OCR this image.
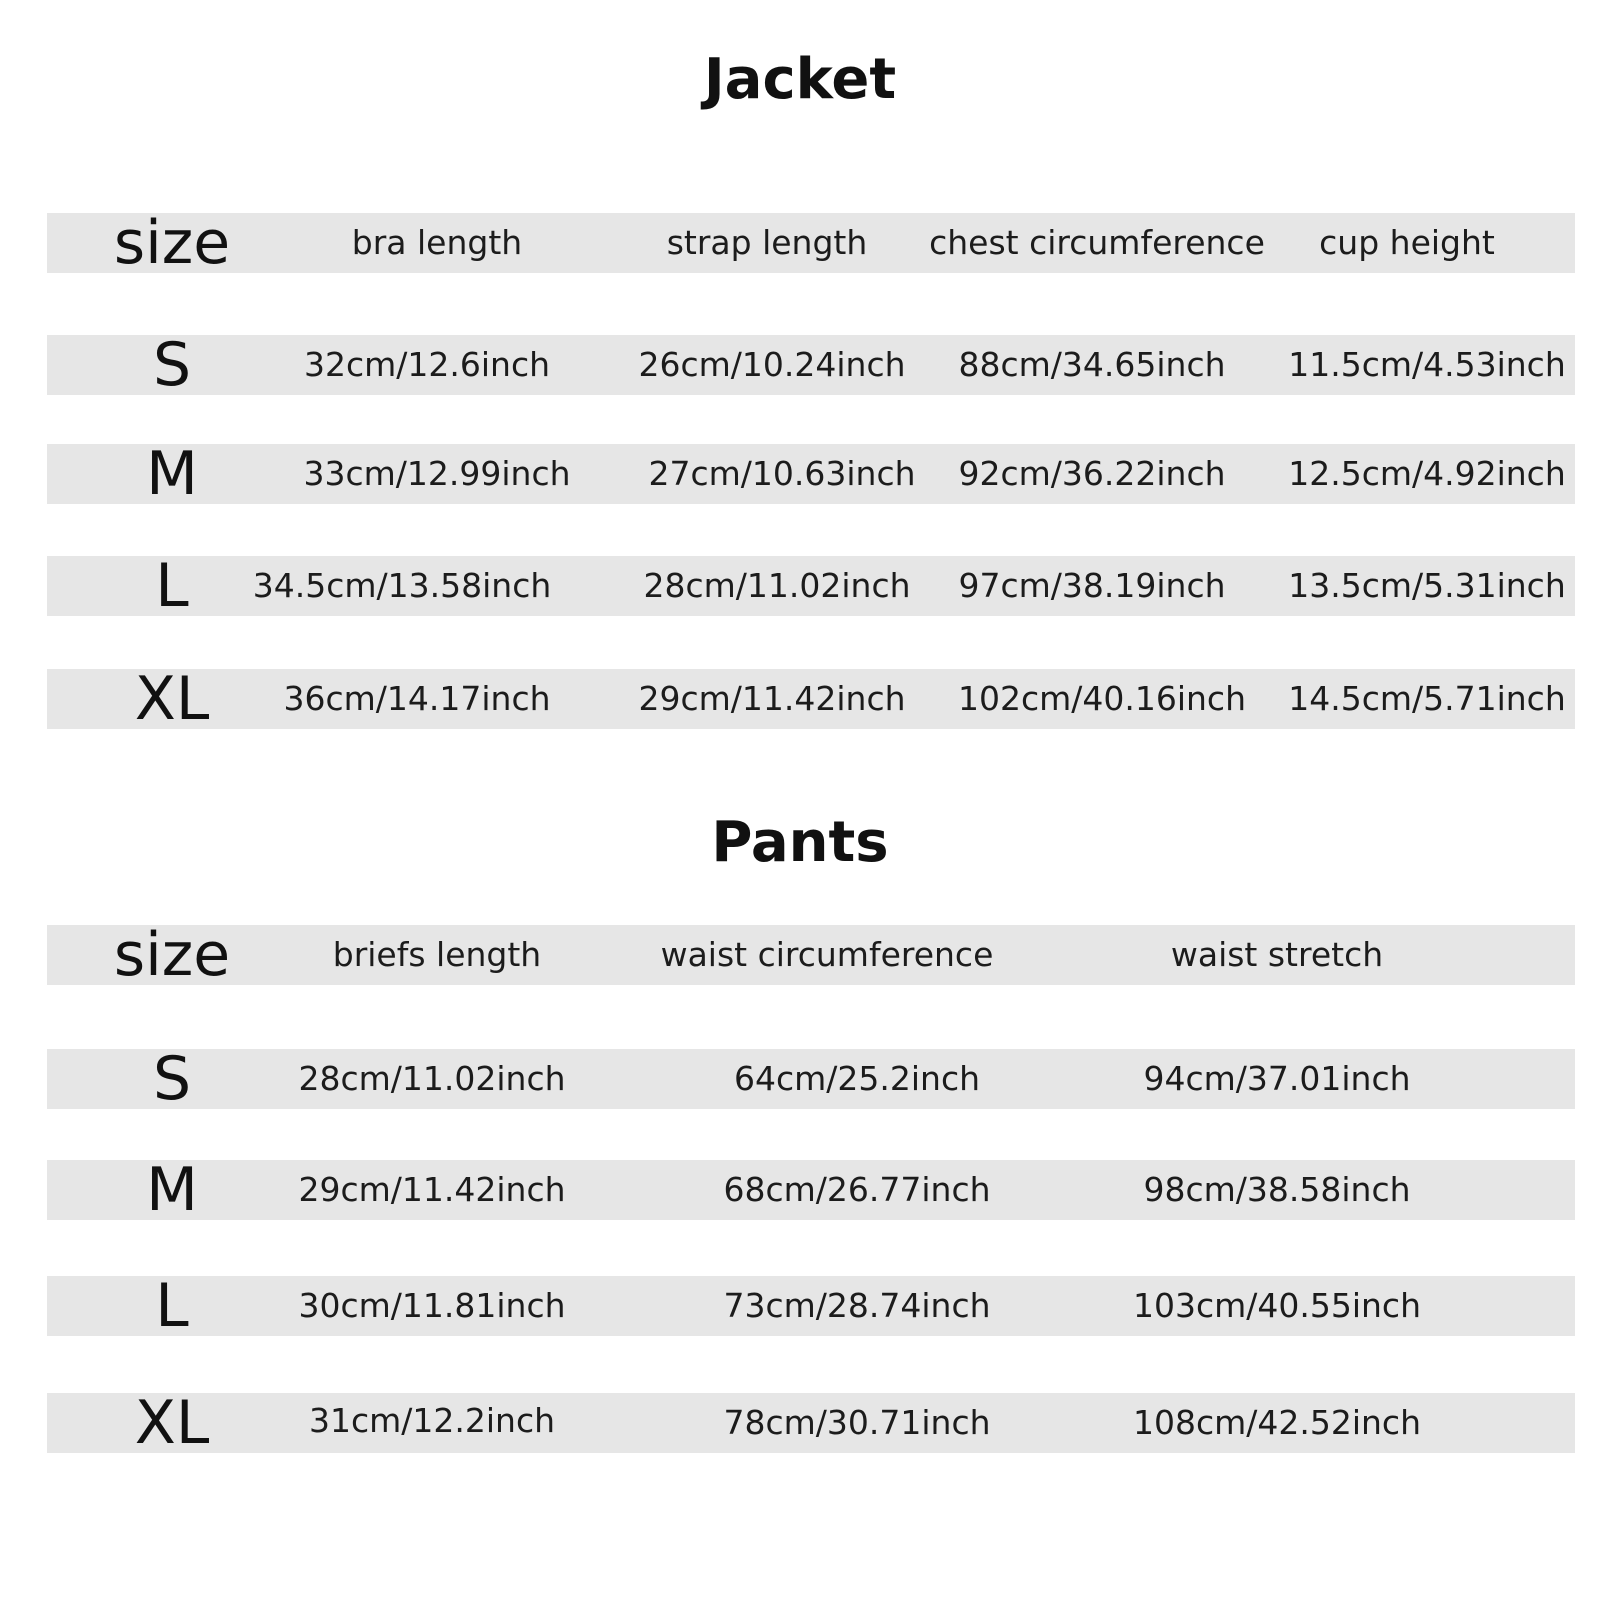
Jacket
size	bra length	strap length	chest circumference	cup height
S	32cm/12.6inch	26cm/10.24inch	88cm/34.65inch	11.5cm/4.53inch
M	33cm/12.99inch	27cm/10.63inch	92cm/36.22inch	12.5cm/4.92inch
L	34.5cm/13.58inch	28cm/11.02inch	97cm/38.19inch	13.5cm/5.31inch
XL	36cm/14.17inch	29cm/11.42inch	102cm/40.16inch	14.5cm/5.71inch
Pants
size	briefs length	waist circumference	waist stretch
S	28cm/11.02inch	64cm/25.2inch	94cm/37.01inch
M	29cm/11.42inch	68cm/26.77inch	98cm/38.58inch
L	30cm/11.81inch	73cm/28.74inch	103cm/40.55inch
XL	31cm/12.2inch	78cm/30.71inch	108cm/42.52inch
